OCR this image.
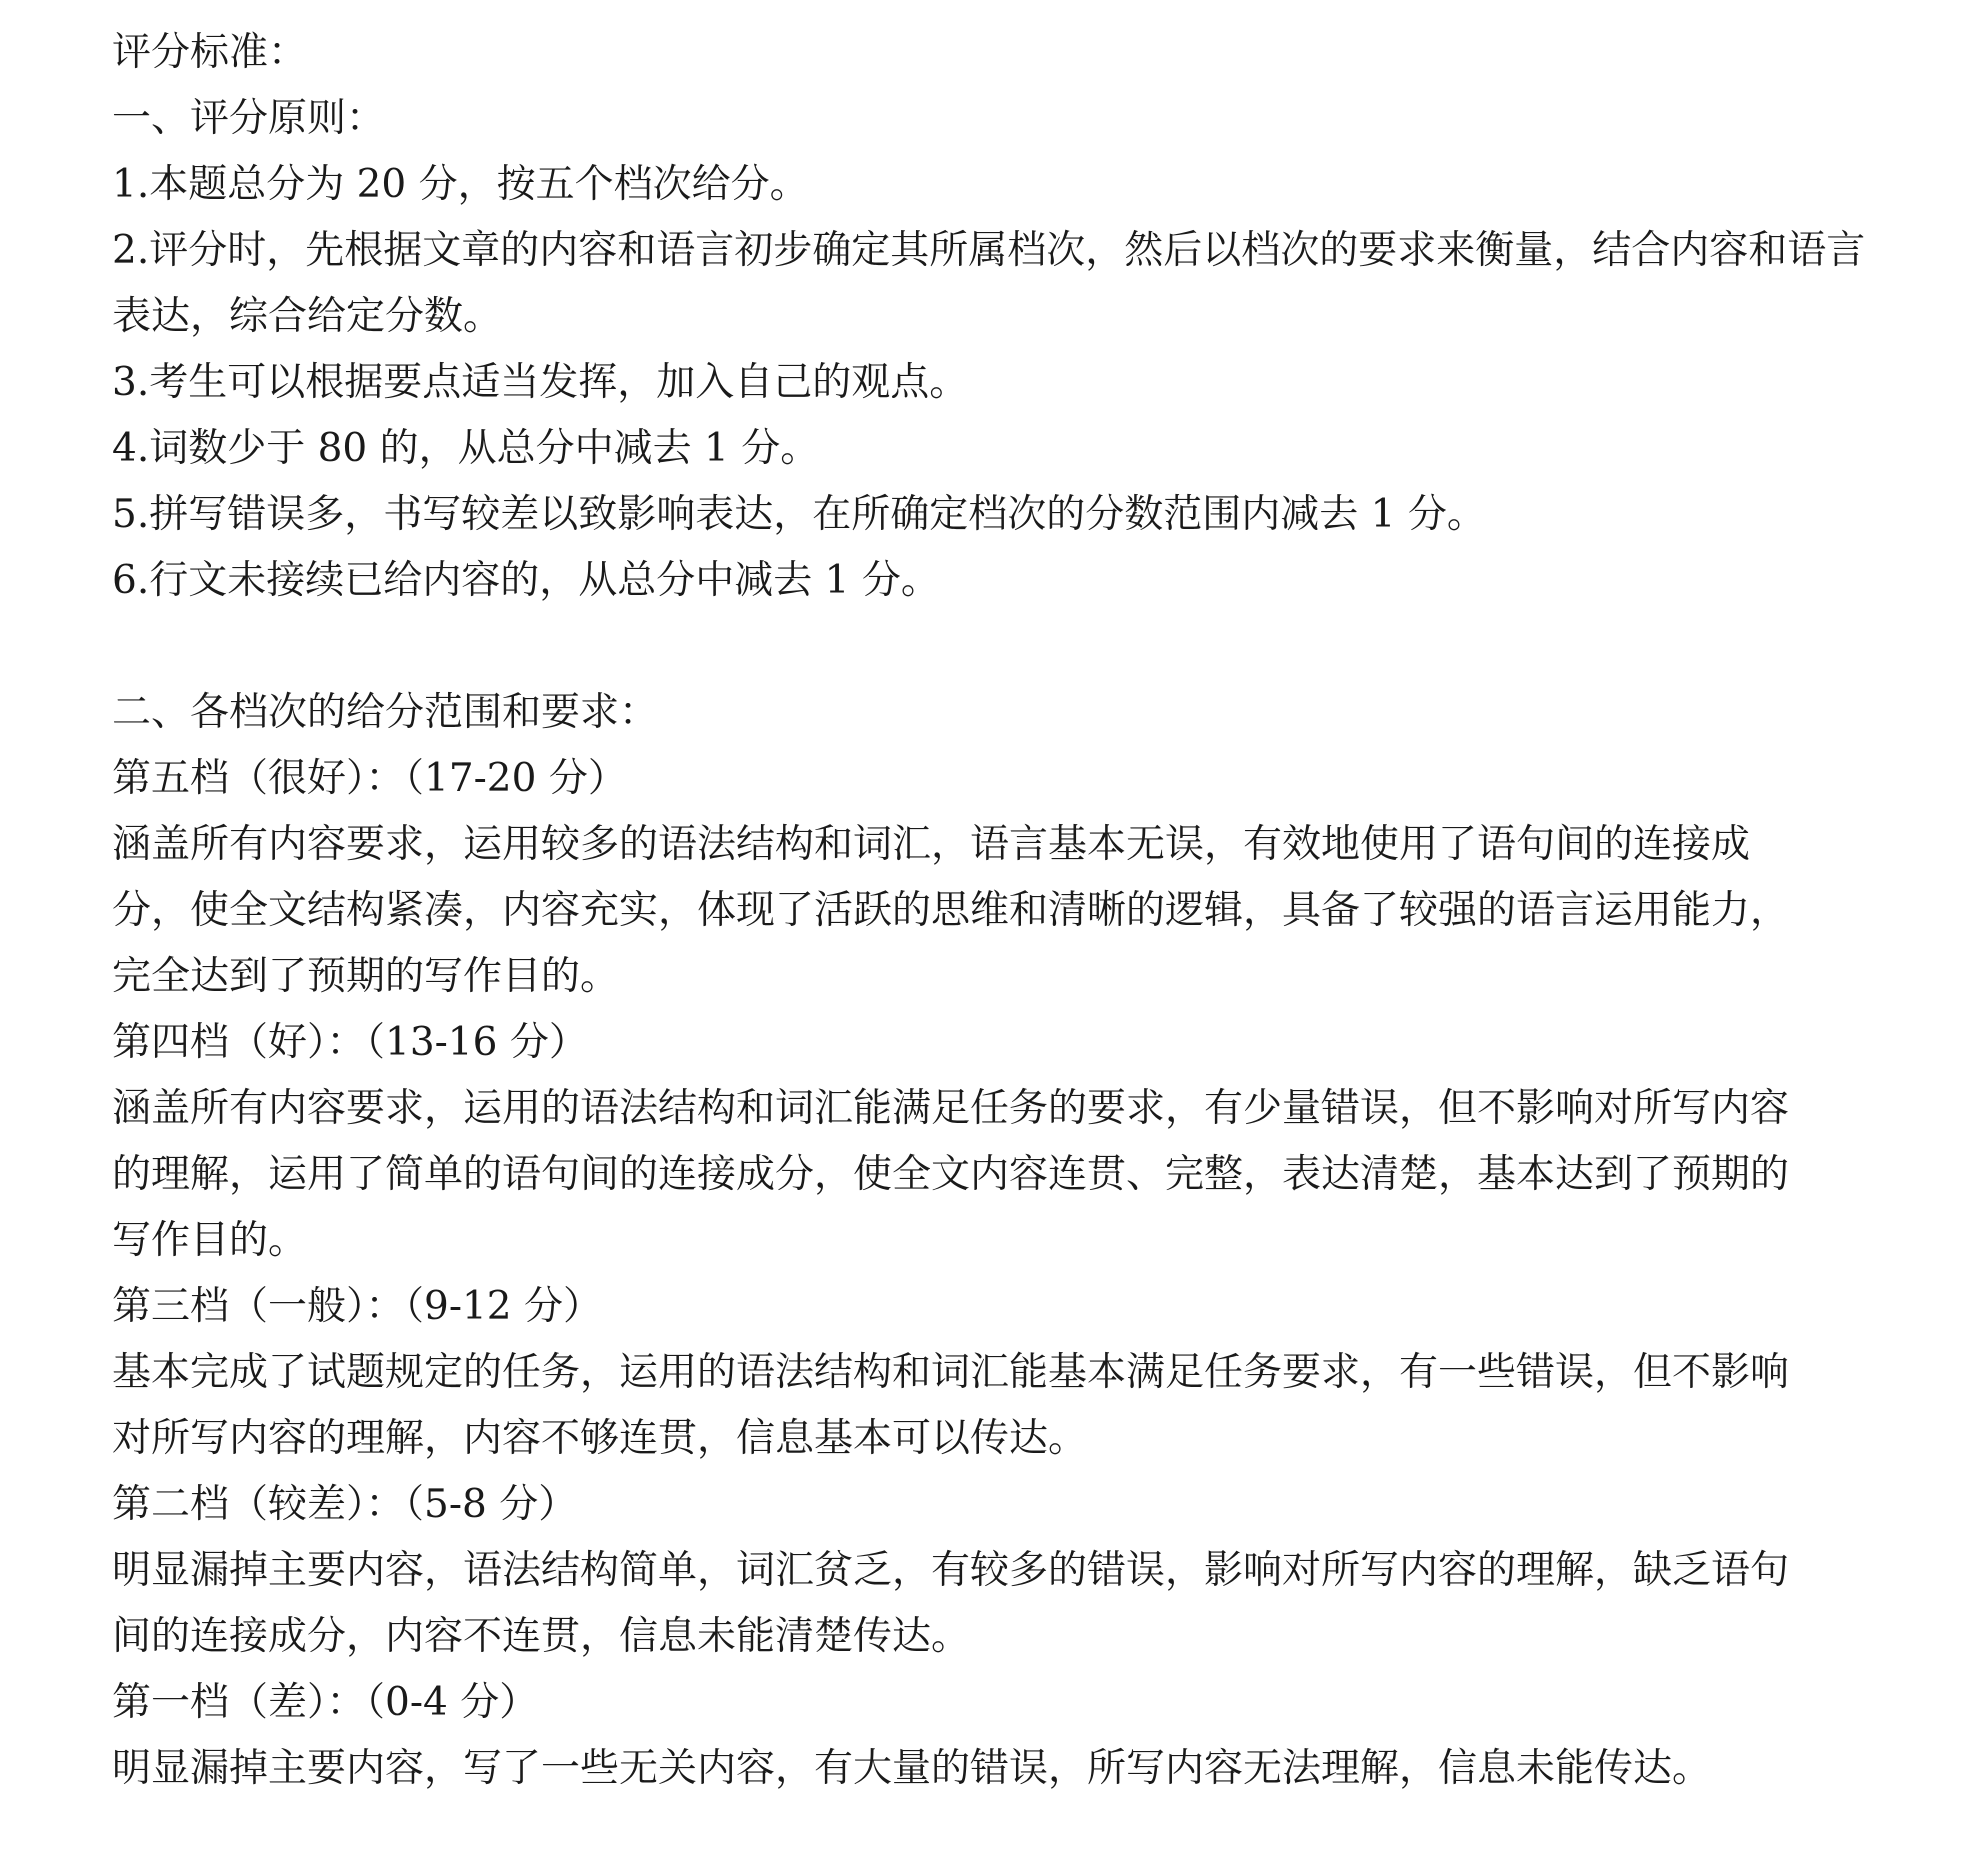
评分标准：

一、评分原则：

1.本题总分为 20 分，按五个档次给分。

2.评分时，先根据文章的内容和语言初步确定其所属档次，然后以档次的要求来衡量，结合内容和语言表达，综合给定分数。

3.考生可以根据要点适当发挥，加入自己的观点。

4.词数少于 80 的，从总分中减去 1 分。

5.拼写错误多，书写较差以致影响表达，在所确定档次的分数范围内减去 1 分。

6.行文未接续已给内容的，从总分中减去 1 分。

二、各档次的给分范围和要求：

第五档（很好）：（17-20 分）

涵盖所有内容要求，运用较多的语法结构和词汇，语言基本无误，有效地使用了语句间的连接成分，使全文结构紧凑，内容充实，体现了活跃的思维和清晰的逻辑，具备了较强的语言运用能力，完全达到了预期的写作目的。

第四档（好）：（13-16 分）

涵盖所有内容要求，运用的语法结构和词汇能满足任务的要求，有少量错误，但不影响对所写内容的理解，运用了简单的语句间的连接成分，使全文内容连贯、完整，表达清楚，基本达到了预期的写作目的。

第三档（一般）：（9-12 分）

基本完成了试题规定的任务，运用的语法结构和词汇能基本满足任务要求，有一些错误，但不影响对所写内容的理解，内容不够连贯，信息基本可以传达。

第二档（较差）：（5-8 分）

明显漏掉主要内容，语法结构简单，词汇贫乏，有较多的错误，影响对所写内容的理解，缺乏语句间的连接成分，内容不连贯，信息未能清楚传达。

第一档（差）：（0-4 分）

明显漏掉主要内容，写了一些无关内容，有大量的错误，所写内容无法理解，信息未能传达。
